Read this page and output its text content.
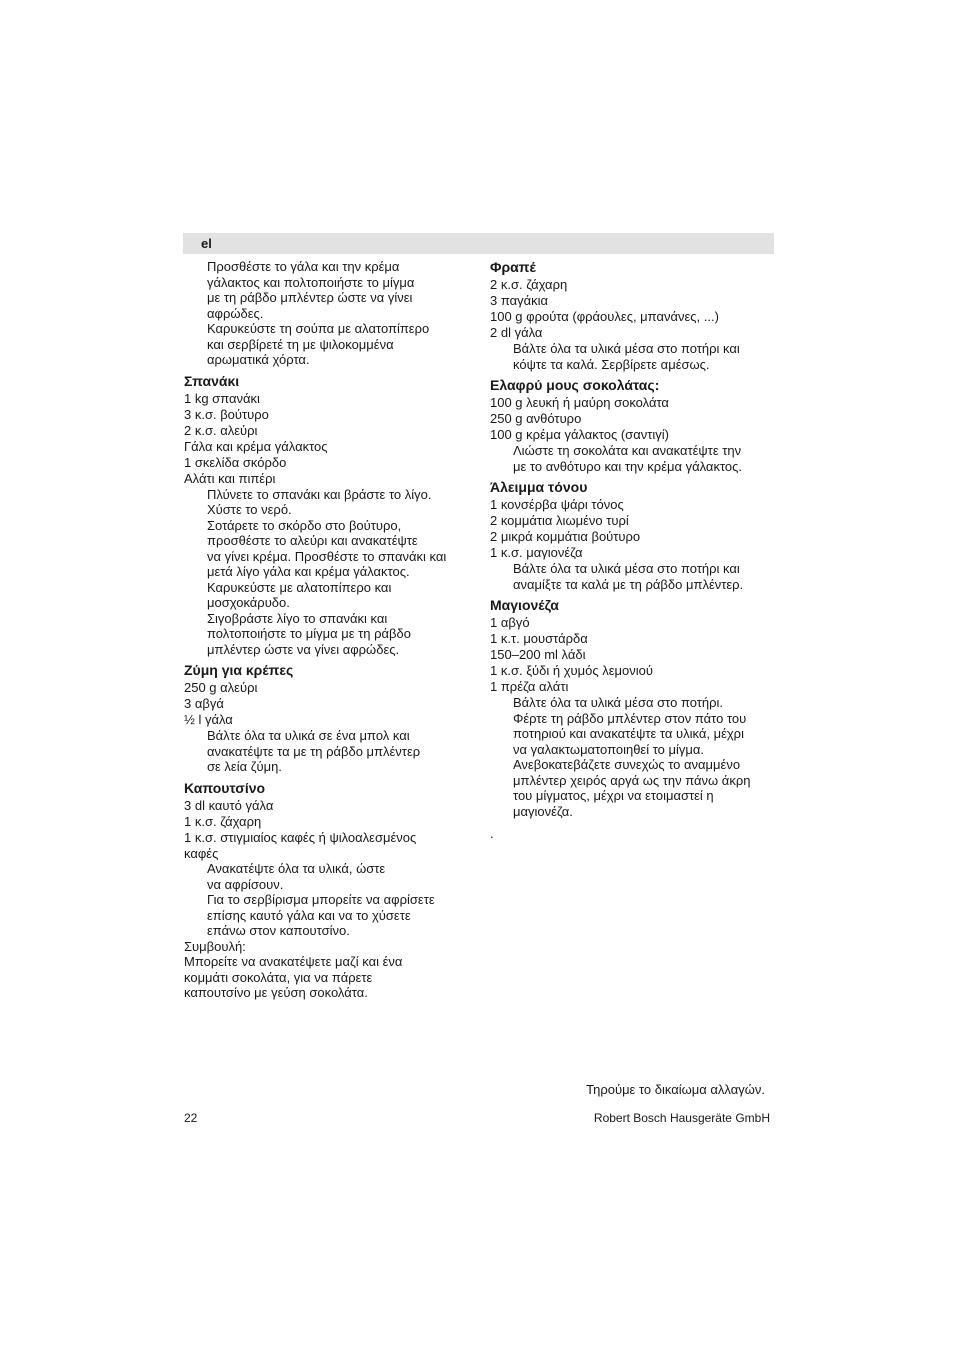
el

Προσθέστε το γάλα και την κρέμα

γάλακτος και πολτοποιήστε το μίγμα

με τη ράβδο μπλέντερ ώστε να γίνει

αφρώδες.

Καρυκεύστε τη σούπα με αλατοπίπερο

και σερβίρετέ τη με ψιλοκομμένα

αρωματικά χόρτα.

Σπανάκι

1 kg σπανάκι

3 κ.σ. βούτυρο

2 κ.σ. αλεύρι

Γάλα και κρέμα γάλακτος

1 σκελίδα σκόρδο

Αλάτι και πιπέρι

Πλύνετε το σπανάκι και βράστε το λίγο.

Χύστε το νερό.

Σοτάρετε το σκόρδο στο βούτυρο,

προσθέστε το αλεύρι και ανακατέψτε

να γίνει κρέμα. Προσθέστε το σπανάκι και

μετά λίγο γάλα και κρέμα γάλακτος.

Καρυκεύστε με αλατοπίπερο και

μοσχοκάρυδο.

Σιγοβράστε λίγο το σπανάκι και

πολτοποιήστε το μίγμα με τη ράβδο

μπλέντερ ώστε να γίνει αφρώδες.

Ζύμη για κρέπες

250 g αλεύρι

3 αβγά

½ l γάλα

Βάλτε όλα τα υλικά σε ένα μπολ και

ανακατέψτε τα με τη ράβδο μπλέντερ

σε λεία ζύμη.

Καπουτσίνο

3 dl καυτό γάλα

1 κ.σ. ζάχαρη

1 κ.σ. στιγμιαίος καφές ή ψιλοαλεσμένος

καφές

Ανακατέψτε όλα τα υλικά, ώστε

να αφρίσουν.

Για το σερβίρισμα μπορείτε να αφρίσετε

επίσης καυτό γάλα και να το χύσετε

επάνω στον καπουτσίνο.

Συμβουλή:

Μπορείτε να ανακατέψετε μαζί και ένα

κομμάτι σοκολάτα, για να πάρετε

καπουτσίνο με γεύση σοκολάτα.

Φραπέ

2 κ.σ. ζάχαρη

3 παγάκια

100 g φρούτα (φράουλες, μπανάνες, ...)

2 dl γάλα

Βάλτε όλα τα υλικά μέσα στο ποτήρι και

κόψτε τα καλά. Σερβίρετε αμέσως.

Ελαφρύ μους σοκολάτας:

100 g λευκή ή μαύρη σοκολάτα

250 g ανθότυρο

100 g κρέμα γάλακτος (σαντιγί)

Λιώστε τη σοκολάτα και ανακατέψτε την

με το ανθότυρο και την κρέμα γάλακτος.

Άλειμμα τόνου

1 κονσέρβα ψάρι τόνος

2 κομμάτια λιωμένο τυρί

2 μικρά κομμάτια βούτυρο

1 κ.σ. μαγιονέζα

Βάλτε όλα τα υλικά μέσα στο ποτήρι και

αναμίξτε τα καλά με τη ράβδο μπλέντερ.

Μαγιονέζα

1 αβγό

1 κ.τ. μουστάρδα

150–200 ml λάδι

1 κ.σ. ξύδι ή χυμός λεμονιού

1 πρέζα αλάτι

Βάλτε όλα τα υλικά μέσα στο ποτήρι.

Φέρτε τη ράβδο μπλέντερ στον πάτο του

ποτηριού και ανακατέψτε τα υλικά, μέχρι

να γαλακτωματοποιηθεί το μίγμα.

Ανεβοκατεβάζετε συνεχώς το αναμμένο

μπλέντερ χειρός αργά ως την πάνω άκρη

του μίγματος, μέχρι να ετοιμαστεί η

μαγιονέζα.

.

Τηρούμε το δικαίωμα αλλαγών.
22	Robert Bosch Hausgeräte GmbH
